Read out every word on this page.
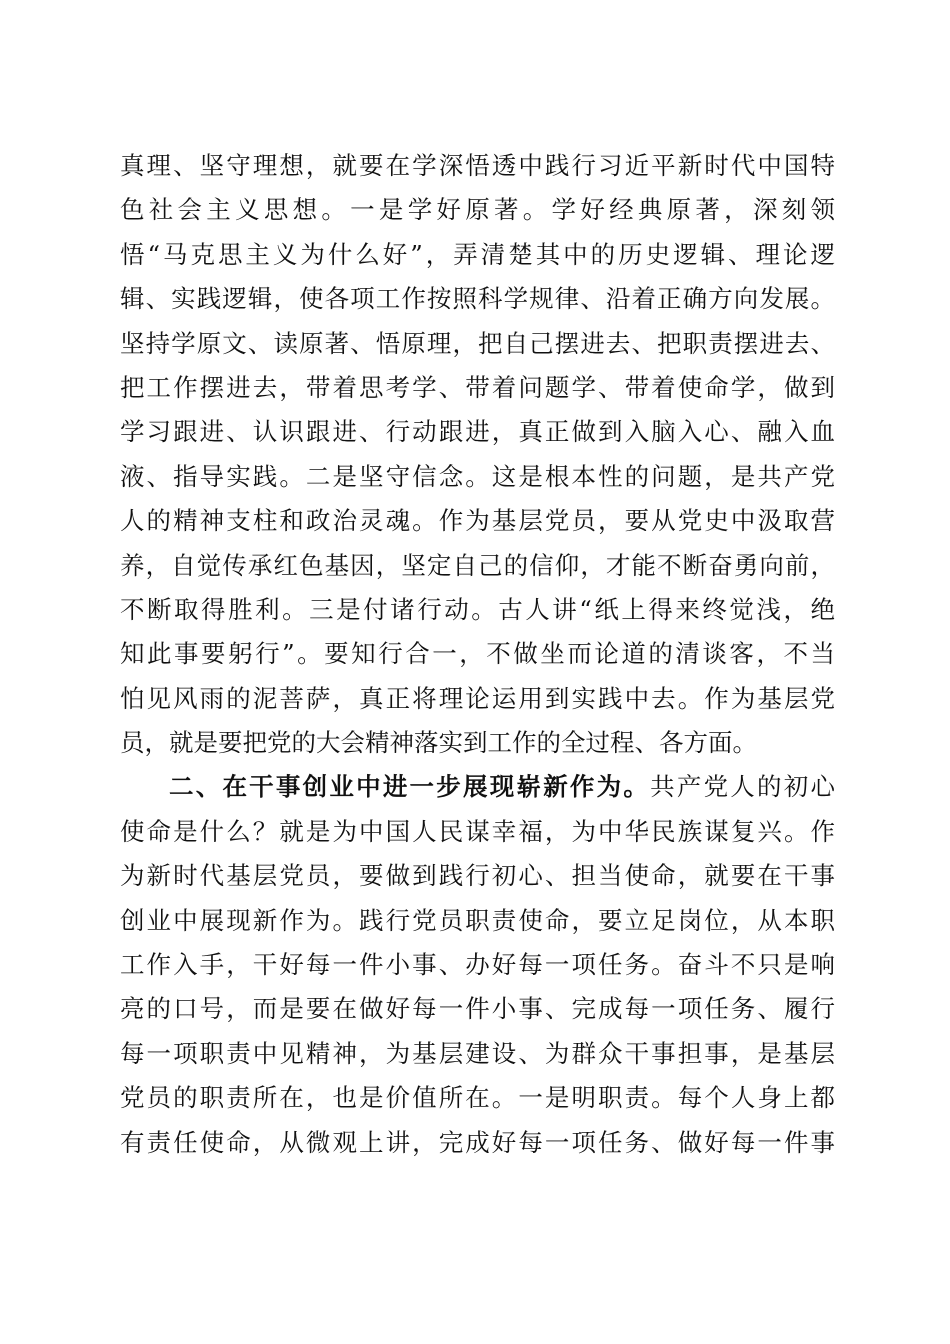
真理、坚守理想，就要在学深悟透中践行习近平新时代中国特
色社会主义思想。一是学好原著。学好经典原著，深刻领
悟“马克思主义为什么好”，弄清楚其中的历史逻辑、理论逻
辑、实践逻辑，使各项工作按照科学规律、沿着正确方向发展。
坚持学原文、读原著、悟原理，把自己摆进去、把职责摆进去、
把工作摆进去，带着思考学、带着问题学、带着使命学，做到
学习跟进、认识跟进、行动跟进，真正做到入脑入心、融入血
液、指导实践。二是坚守信念。这是根本性的问题，是共产党
人的精神支柱和政治灵魂。作为基层党员，要从党史中汲取营
养，自觉传承红色基因，坚定自己的信仰，才能不断奋勇向前，
不断取得胜利。三是付诸行动。古人讲“纸上得来终觉浅，绝
知此事要躬行”。要知行合一，不做坐而论道的清谈客，不当
怕见风雨的泥菩萨，真正将理论运用到实践中去。作为基层党
员，就是要把党的大会精神落实到工作的全过程、各方面。
二、在干事创业中进一步展现崭新作为。共产党人的初心
使命是什么？就是为中国人民谋幸福，为中华民族谋复兴。作
为新时代基层党员，要做到践行初心、担当使命，就要在干事
创业中展现新作为。践行党员职责使命，要立足岗位，从本职
工作入手，干好每一件小事、办好每一项任务。奋斗不只是响
亮的口号，而是要在做好每一件小事、完成每一项任务、履行
每一项职责中见精神，为基层建设、为群众干事担事，是基层
党员的职责所在，也是价值所在。一是明职责。每个人身上都
有责任使命，从微观上讲，完成好每一项任务、做好每一件事
